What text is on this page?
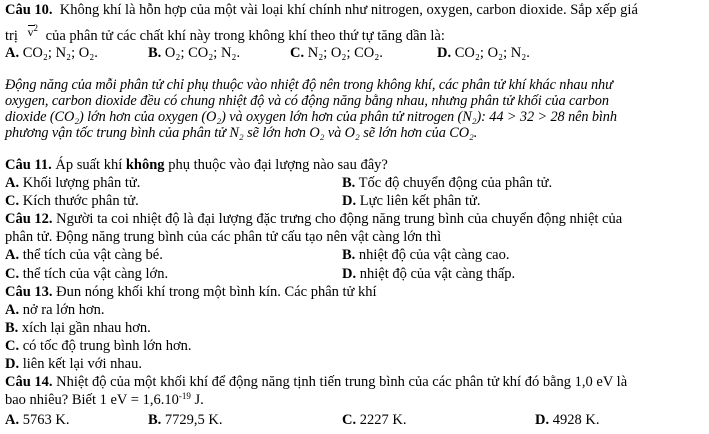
Câu 10. Không khí là hỗn hợp của một vài loại khí chính như nitrogen, oxygen, carbon dioxide. Sắp xếp giá
trị $v^2$ của phân tử các chất khí này trong không khí theo thứ tự tăng dần là:
A. CO₂; N₂; O₂.	B. O₂; CO₂; N₂.	C. N₂; O₂; CO₂.	D. CO₂; O₂; N₂.
Động năng của mỗi phân tử chỉ phụ thuộc vào nhiệt độ nên trong không khí, các phân tử khí khác nhau như
oxygen, carbon dioxide đều có chung nhiệt độ và có động năng bằng nhau, nhưng phân tử khối của carbon
dioxide (CO₂) lớn hơn của oxygen (O₂) và oxygen lớn hơn của phân tử nitrogen (N₂): 44 > 32 > 28 nên bình
phương vận tốc trung bình của phân tử N₂ sẽ lớn hơn O₂ và O₂ sẽ lớn hơn của CO₂.
Câu 11. Áp suất khí không phụ thuộc vào đại lượng nào sau đây?
A. Khối lượng phân tử.	B. Tốc độ chuyển động của phân tử.
C. Kích thước phân tử.	D. Lực liên kết phân tử.
Câu 12. Người ta coi nhiệt độ là đại lượng đặc trưng cho động năng trung bình của chuyển động nhiệt của
phân tử. Động năng trung bình của các phân tử cấu tạo nên vật càng lớn thì
A. thể tích của vật càng bé.	B. nhiệt độ của vật càng cao.
C. thể tích của vật càng lớn.	D. nhiệt độ của vật càng thấp.
Câu 13. Đun nóng khối khí trong một bình kín. Các phân tử khí
A. nở ra lớn hơn.
B. xích lại gần nhau hơn.
C. có tốc độ trung bình lớn hơn.
D. liên kết lại với nhau.
Câu 14. Nhiệt độ của một khối khí để động năng tịnh tiến trung bình của các phân tử khí đó bằng 1,0 eV là
bao nhiêu? Biết 1 eV = $1,6.10^{-19}$ J.
A. 5763 K.	B. 7729,5 K.	C. 2227 K.	D. 4928 K.
